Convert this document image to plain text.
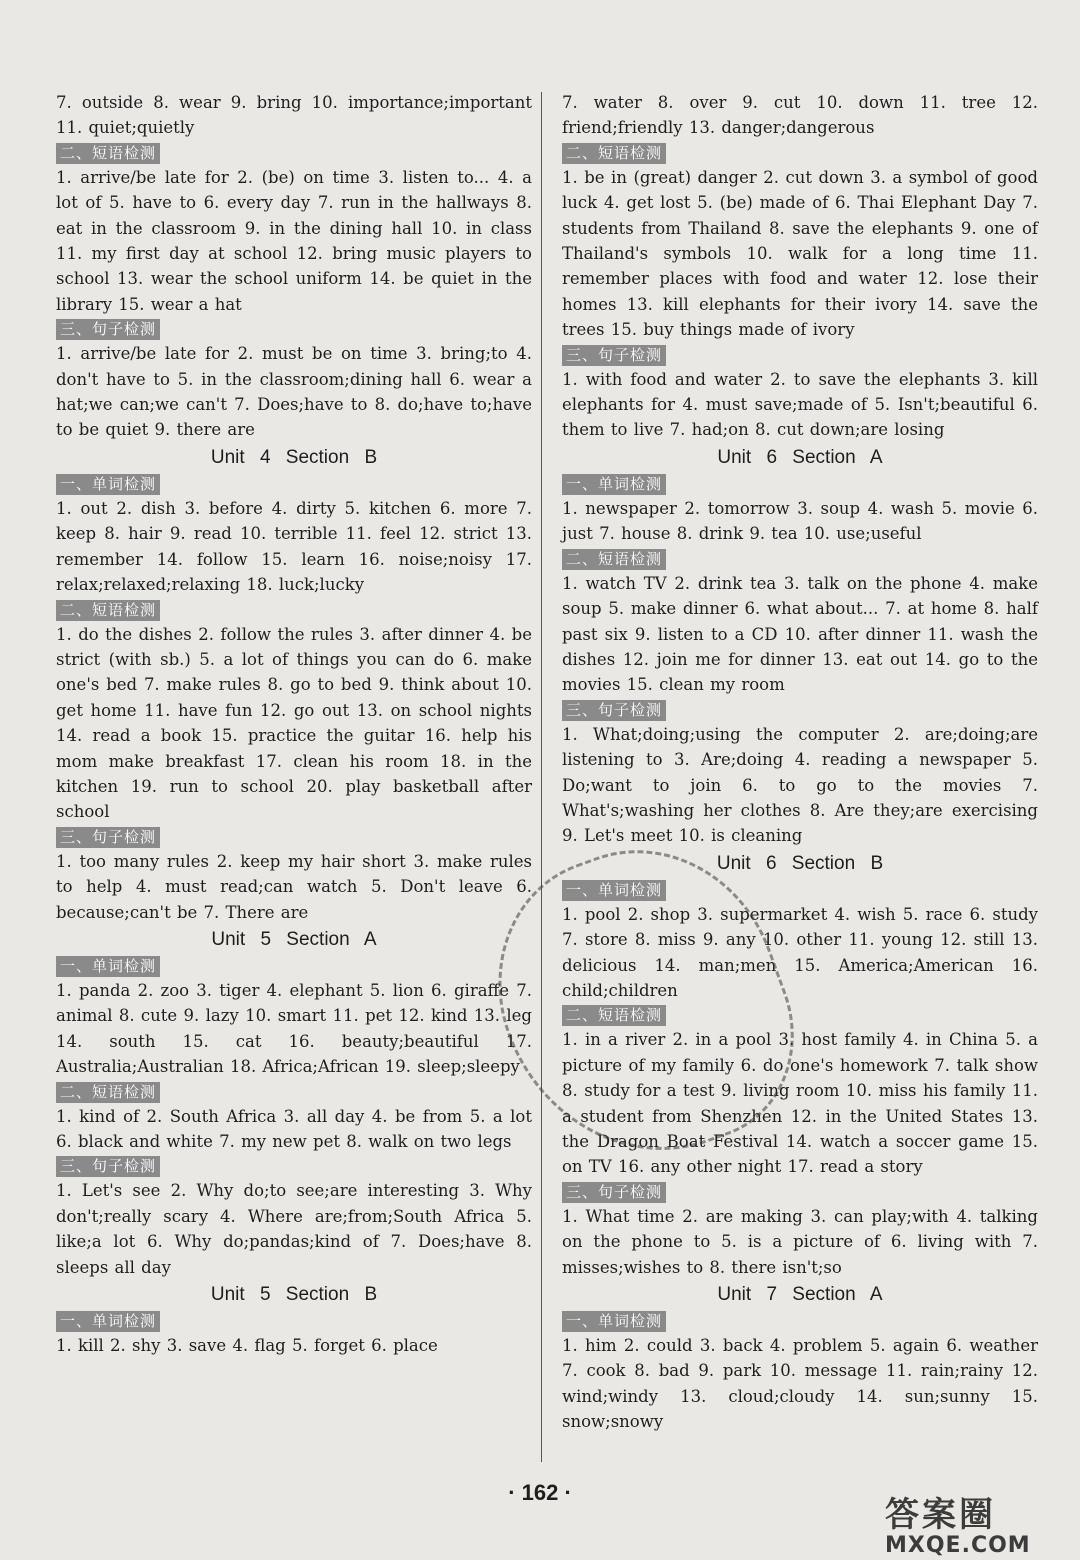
7. outside 8. wear 9. bring 10. importance;important 11. quiet;quietly

二、短语检测

1. arrive/be late for 2. (be) on time 3. listen to... 4. a lot of 5. have to 6. every day 7. run in the hallways 8. eat in the classroom 9. in the dining hall 10. in class 11. my first day at school 12. bring music players to school 13. wear the school uniform 14. be quiet in the library 15. wear a hat

三、句子检测

1. arrive/be late for 2. must be on time 3. bring;to 4. don't have to 5. in the classroom;dining hall 6. wear a hat;we can;we can't 7. Does;have to 8. do;have to;have to be quiet 9. there are

Unit 4 Section B
一、单词检测

1. out 2. dish 3. before 4. dirty 5. kitchen 6. more 7. keep 8. hair 9. read 10. terrible 11. feel 12. strict 13. remember 14. follow 15. learn 16. noise;noisy 17. relax;relaxed;relaxing 18. luck;lucky

二、短语检测

1. do the dishes 2. follow the rules 3. after dinner 4. be strict (with sb.) 5. a lot of things you can do 6. make one's bed 7. make rules 8. go to bed 9. think about 10. get home 11. have fun 12. go out 13. on school nights 14. read a book 15. practice the guitar 16. help his mom make breakfast 17. clean his room 18. in the kitchen 19. run to school 20. play basketball after school

三、句子检测

1. too many rules 2. keep my hair short 3. make rules to help 4. must read;can watch 5. Don't leave 6. because;can't be 7. There are

Unit 5 Section A
一、单词检测

1. panda 2. zoo 3. tiger 4. elephant 5. lion 6. giraffe 7. animal 8. cute 9. lazy 10. smart 11. pet 12. kind 13. leg 14. south 15. cat 16. beauty;beautiful 17. Australia;Australian 18. Africa;African 19. sleep;sleepy

二、短语检测

1. kind of 2. South Africa 3. all day 4. be from 5. a lot 6. black and white 7. my new pet 8. walk on two legs

三、句子检测

1. Let's see 2. Why do;to see;are interesting 3. Why don't;really scary 4. Where are;from;South Africa 5. like;a lot 6. Why do;pandas;kind of 7. Does;have 8. sleeps all day

Unit 5 Section B
一、单词检测

1. kill 2. shy 3. save 4. flag 5. forget 6. place

7. water 8. over 9. cut 10. down 11. tree 12. friend;friendly 13. danger;dangerous

二、短语检测

1. be in (great) danger 2. cut down 3. a symbol of good luck 4. get lost 5. (be) made of 6. Thai Elephant Day 7. students from Thailand 8. save the elephants 9. one of Thailand's symbols 10. walk for a long time 11. remember places with food and water 12. lose their homes 13. kill elephants for their ivory 14. save the trees 15. buy things made of ivory

三、句子检测

1. with food and water 2. to save the elephants 3. kill elephants for 4. must save;made of 5. Isn't;beautiful 6. them to live 7. had;on 8. cut down;are losing

Unit 6 Section A
一、单词检测

1. newspaper 2. tomorrow 3. soup 4. wash 5. movie 6. just 7. house 8. drink 9. tea 10. use;useful

二、短语检测

1. watch TV 2. drink tea 3. talk on the phone 4. make soup 5. make dinner 6. what about... 7. at home 8. half past six 9. listen to a CD 10. after dinner 11. wash the dishes 12. join me for dinner 13. eat out 14. go to the movies 15. clean my room

三、句子检测

1. What;doing;using the computer 2. are;doing;are listening to 3. Are;doing 4. reading a newspaper 5. Do;want to join 6. to go to the movies 7. What's;washing her clothes 8. Are they;are exercising 9. Let's meet 10. is cleaning

Unit 6 Section B
一、单词检测

1. pool 2. shop 3. supermarket 4. wish 5. race 6. study 7. store 8. miss 9. any 10. other 11. young 12. still 13. delicious 14. man;men 15. America;American 16. child;children

二、短语检测

1. in a river 2. in a pool 3. host family 4. in China 5. a picture of my family 6. do one's homework 7. talk show 8. study for a test 9. living room 10. miss his family 11. a student from Shenzhen 12. in the United States 13. the Dragon Boat Festival 14. watch a soccer game 15. on TV 16. any other night 17. read a story

三、句子检测

1. What time 2. are making 3. can play;with 4. talking on the phone to 5. is a picture of 6. living with 7. misses;wishes to 8. there isn't;so

Unit 7 Section A
一、单词检测

1. him 2. could 3. back 4. problem 5. again 6. weather 7. cook 8. bad 9. park 10. message 11. rain;rainy 12. wind;windy 13. cloud;cloudy 14. sun;sunny 15. snow;snowy

· 162 ·
答案圈
MXQE.COM
